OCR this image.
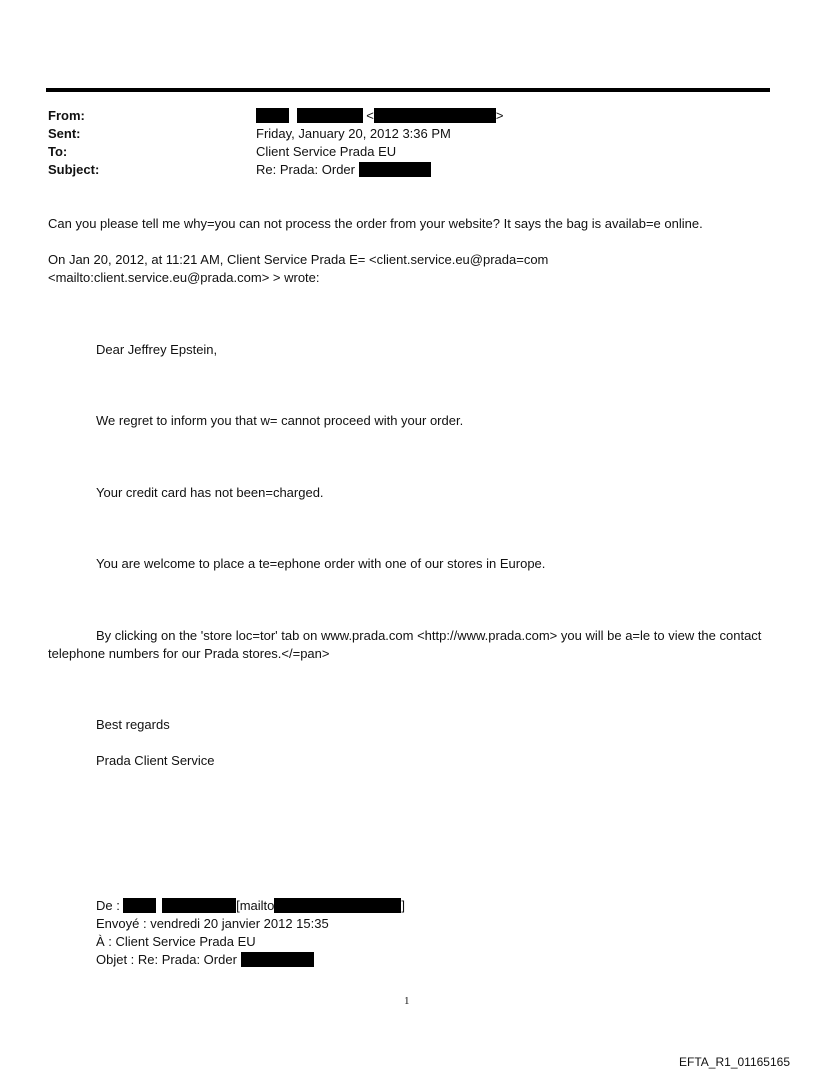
From:	<	>
Sent:	Friday, January 20, 2012 3:36 PM
To:	Client Service Prada EU
Subject:	Re: Prada: Order
Can you please tell me why=you can not process the order from your website? It says the bag is availab=e online.
On Jan 20, 2012, at 11:21 AM, Client Service Prada E= <client.service.eu@prada=com
<mailto:client.service.eu@prada.com> > wrote:
Dear Jeffrey Epstein,
We regret to inform you that w= cannot proceed with your order.
Your credit card has not been=charged.
You are welcome to place a te=ephone order with one of our stores in Europe.
By clicking on the 'store loc=tor' tab on www.prada.com <http://www.prada.com> you will be a=le to view the contact telephone numbers for our Prada stores.</=pan>
Best regards
Prada Client Service
De :	[mailto	]
Envoyé : vendredi 20 janvier 2012 15:35
À : Client Service Prada EU
Objet : Re: Prada: Order
1
EFTA_R1_01165165
